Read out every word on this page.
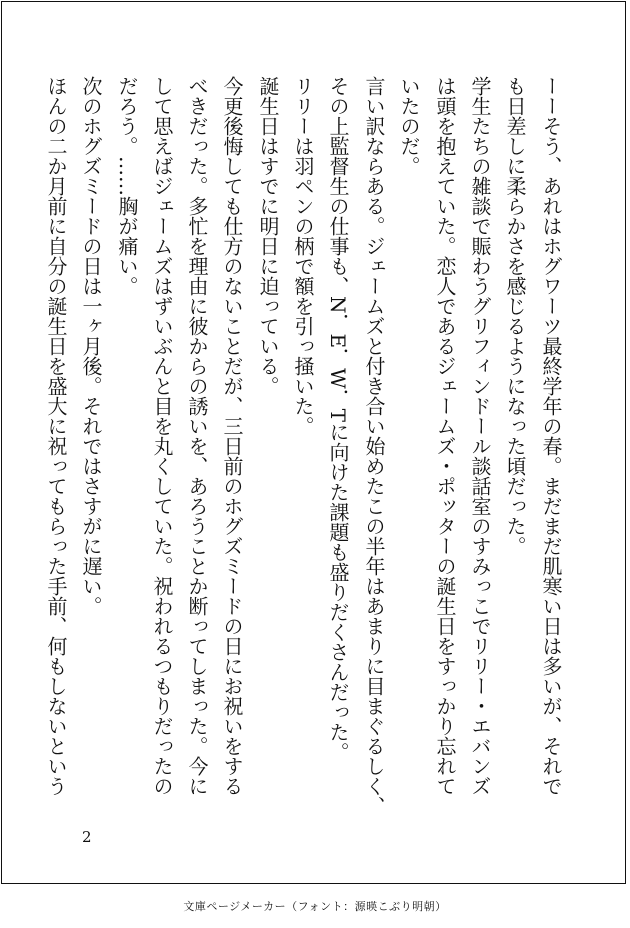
ーーそう、あれはホグワーツ最終学年の春。まだまだ肌寒い日は多いが、それで

も日差しに柔らかさを感じるようになった頃だった。

学生たちの雑談で賑わうグリフィンドール談話室のすみっこでリリー・エバンズ

は頭を抱えていた。恋人であるジェームズ・ポッターの誕生日をすっかり忘れて

いたのだ。

言い訳ならある。ジェームズと付き合い始めたこの半年はあまりに目まぐるしく、

その上監督生の仕事も、N．E．W．Tに向けた課題も盛りだくさんだった。

リリーは羽ペンの柄で額を引っ掻いた。

誕生日はすでに明日に迫っている。

今更後悔しても仕方のないことだが、三日前のホグズミードの日にお祝いをする

べきだった。多忙を理由に彼からの誘いを、あろうことか断ってしまった。今に

して思えばジェームズはずいぶんと目を丸くしていた。祝われるつもりだったの

だろう。……胸が痛い。

次のホグズミードの日は一ヶ月後。それではさすがに遅い。

ほんの二か月前に自分の誕生日を盛大に祝ってもらった手前、何もしないという

2
文庫ページメーカー（フォント：源暎こぶり明朝）
